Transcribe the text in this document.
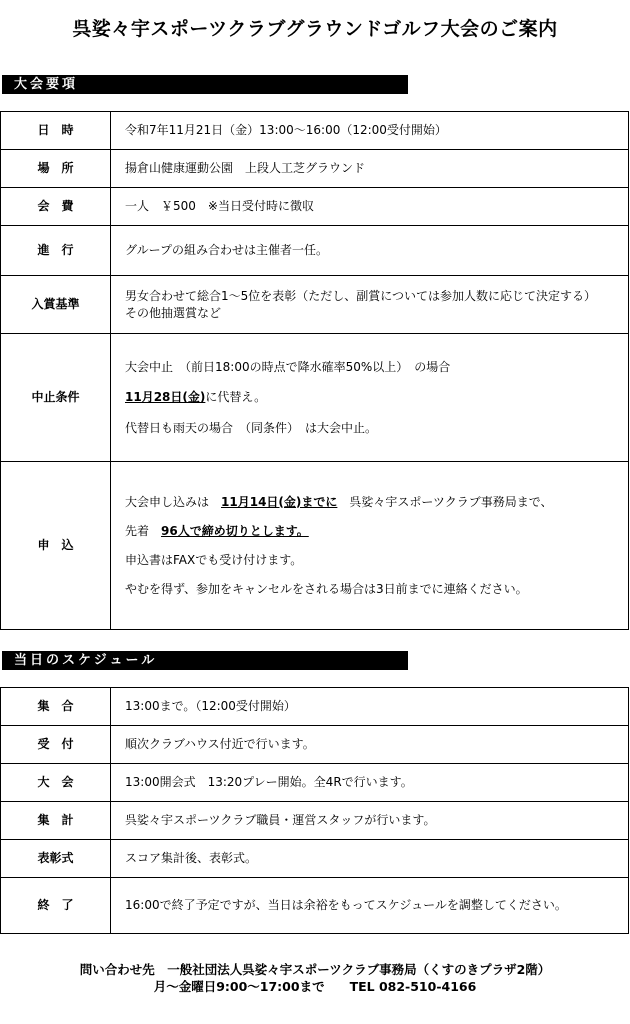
呉娑々宇スポーツクラブグラウンドゴルフ大会のご案内
大会要項
日　時	令和7年11月21日（金）13:00〜16:00（12:00受付開始）
場　所	揚倉山健康運動公園　上段人工芝グラウンド
会　費	一人　￥500　※当日受付時に徴収
進　行	グループの組み合わせは主催者一任。
入賞基準	男女合わせて総合1〜5位を表彰（ただし、副賞については参加人数に応じて決定する）
その他抽選賞など

中止条件	大会中止　（前日18:00の時点で降水確率50%以上）　の場合

11月28日(金)に代替え。

代替日も雨天の場合　（同条件）　は大会中止。

申　込	大会申し込みは　11月14日(金)までに　呉娑々宇スポーツクラブ事務局まで、

先着　96人で締め切りとします。

申込書はFAXでも受け付けます。

やむを得ず、参加をキャンセルをされる場合は3日前までに連絡ください。

当日のスケジュール
集　合	13:00まで。（12:00受付開始）
受　付	順次クラブハウス付近で行います。
大　会	13:00開会式　13:20プレー開始。全4Rで行います。
集　計	呉娑々宇スポーツクラブ職員・運営スタッフが行います。
表彰式	スコア集計後、表彰式。
終　了	16:00で終了予定ですが、当日は余裕をもってスケジュールを調整してください。
問い合わせ先　一般社団法人呉娑々宇スポーツクラブ事務局（くすのきプラザ2階）
月〜金曜日9:00〜17:00まで　　TEL 082-510-4166
